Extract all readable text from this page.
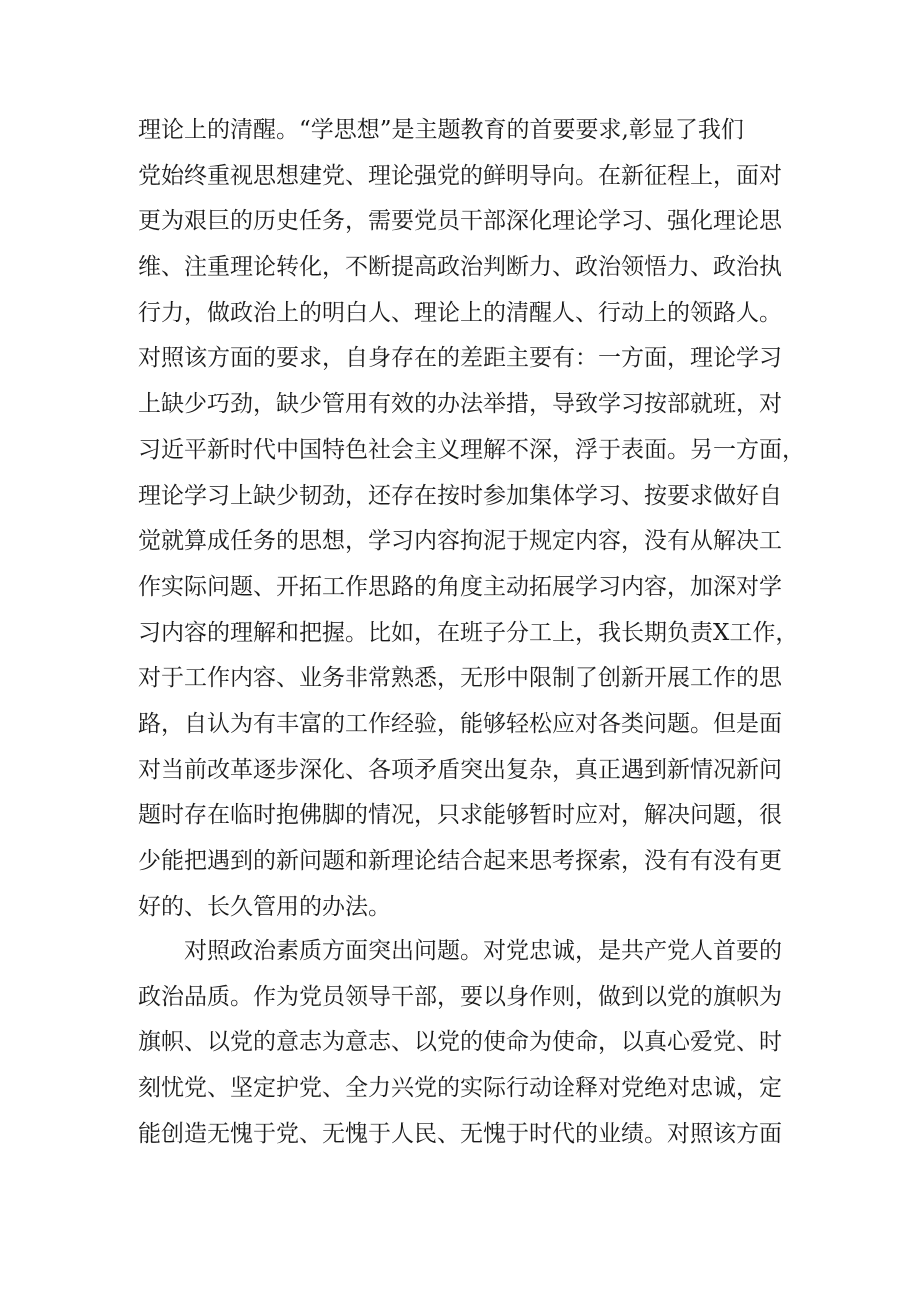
理论上的清醒。“学思想”是主题教育的首要要求,彰显了我们
党始终重视思想建党、理论强党的鲜明导向。在新征程上，面对
更为艰巨的历史任务，需要党员干部深化理论学习、强化理论思
维、注重理论转化，不断提高政治判断力、政治领悟力、政治执
行力，做政治上的明白人、理论上的清醒人、行动上的领路人。
对照该方面的要求，自身存在的差距主要有：一方面，理论学习
上缺少巧劲，缺少管用有效的办法举措，导致学习按部就班，对
习近平新时代中国特色社会主义理解不深，浮于表面。另一方面，
理论学习上缺少韧劲，还存在按时参加集体学习、按要求做好自
觉就算成任务的思想，学习内容拘泥于规定内容，没有从解决工
作实际问题、开拓工作思路的角度主动拓展学习内容，加深对学
习内容的理解和把握。比如，在班子分工上，我长期负责X工作，
对于工作内容、业务非常熟悉，无形中限制了创新开展工作的思
路，自认为有丰富的工作经验，能够轻松应对各类问题。但是面
对当前改革逐步深化、各项矛盾突出复杂，真正遇到新情况新问
题时存在临时抱佛脚的情况，只求能够暂时应对，解决问题，很
少能把遇到的新问题和新理论结合起来思考探索，没有有没有更
好的、长久管用的办法。
对照政治素质方面突出问题。对党忠诚，是共产党人首要的
政治品质。作为党员领导干部，要以身作则，做到以党的旗帜为
旗帜、以党的意志为意志、以党的使命为使命，以真心爱党、时
刻忧党、坚定护党、全力兴党的实际行动诠释对党绝对忠诚，定
能创造无愧于党、无愧于人民、无愧于时代的业绩。对照该方面
